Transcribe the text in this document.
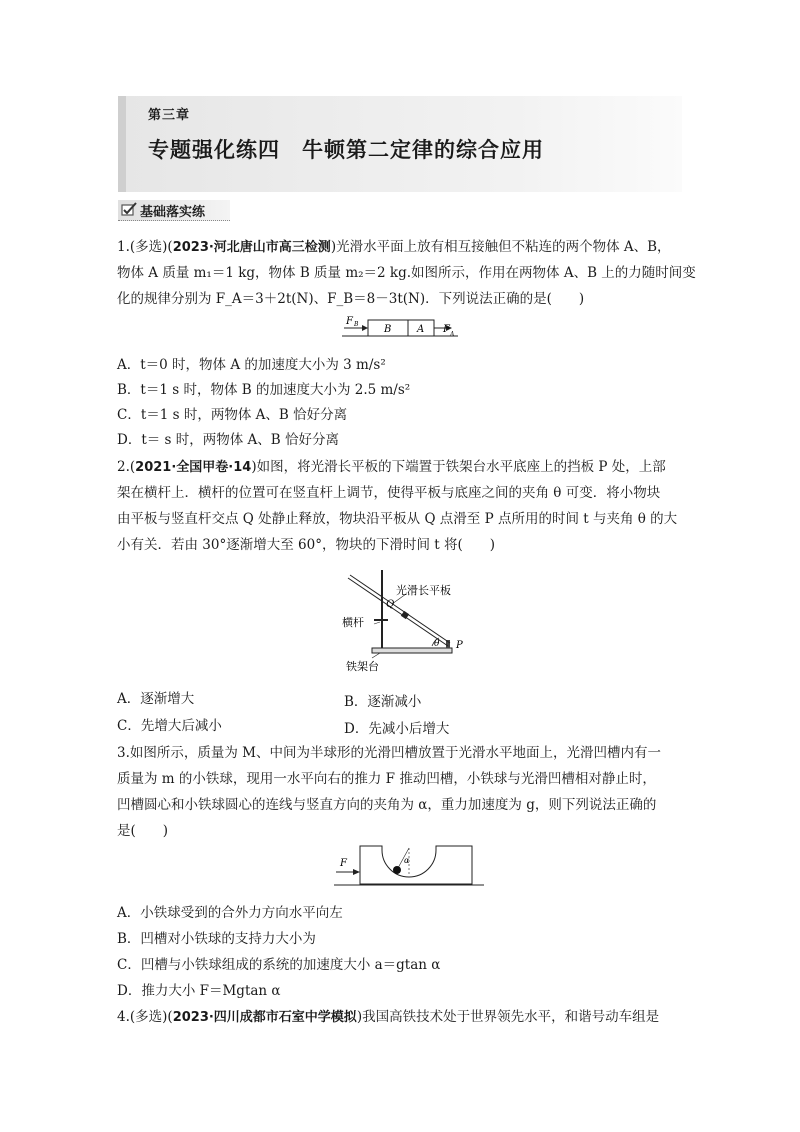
第三章
专题强化练四　牛顿第二定律的综合应用
基础落实练
1.(多选)(2023·河北唐山市高三检测)光滑水平面上放有相互接触但不粘连的两个物体 A、B，
物体 A 质量 m₁＝1 kg，物体 B 质量 m₂＝2 kg.如图所示，作用在两物体 A、B 上的力随时间变
化的规律分别为 F_A＝3＋2t(N)、F_B＝8－3t(N)．下列说法正确的是(　　)
F B	B	A F A
A．t＝0 时，物体 A 的加速度大小为 3 m/s²
B．t＝1 s 时，物体 B 的加速度大小为 2.5 m/s²
C．t＝1 s 时，两物体 A、B 恰好分离
D．t＝ s 时，两物体 A、B 恰好分离
2.(2021·全国甲卷·14)如图，将光滑长平板的下端置于铁架台水平底座上的挡板 P 处，上部
架在横杆上．横杆的位置可在竖直杆上调节，使得平板与底座之间的夹角 θ 可变．将小物块
由平板与竖直杆交点 Q 处静止释放，物块沿平板从 Q 点滑至 P 点所用的时间 t 与夹角 θ 的大
小有关．若由 30°逐渐增大至 60°，物块的下滑时间 t 将(　　)
光滑长平板
Q
横杆
θ P
铁架台
A．逐渐增大	B．逐渐减小
C．先增大后减小	D．先减小后增大
3.如图所示，质量为 M、中间为半球形的光滑凹槽放置于光滑水平地面上，光滑凹槽内有一
质量为 m 的小铁球，现用一水平向右的推力 F 推动凹槽，小铁球与光滑凹槽相对静止时，
凹槽圆心和小铁球圆心的连线与竖直方向的夹角为 α，重力加速度为 g，则下列说法正确的
是(　　)
F	α
A．小铁球受到的合外力方向水平向左
B．凹槽对小铁球的支持力大小为
C．凹槽与小铁球组成的系统的加速度大小 a＝gtan α
D．推力大小 F＝Mgtan α
4.(多选)(2023·四川成都市石室中学模拟)我国高铁技术处于世界领先水平，和谐号动车组是
